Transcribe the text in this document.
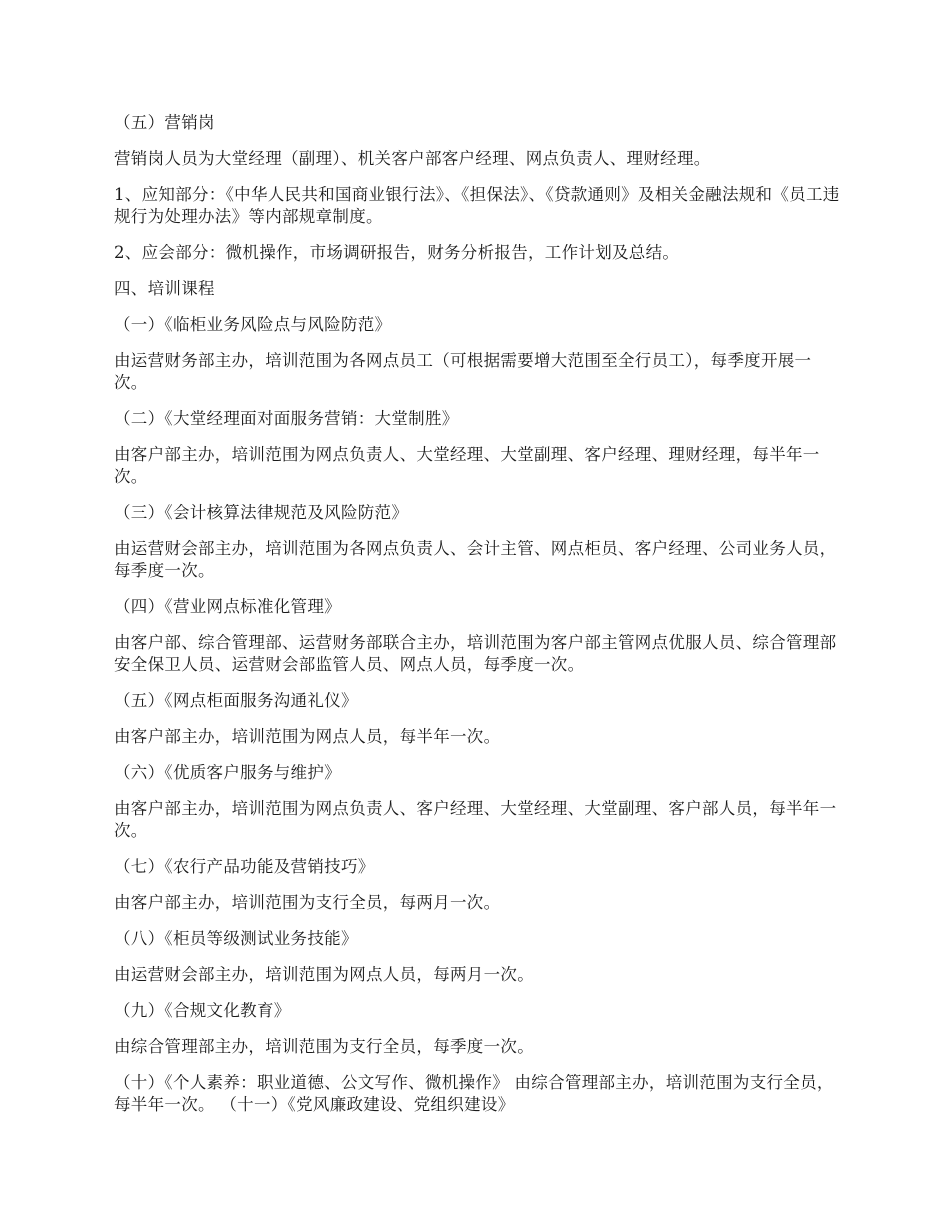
（五）营销岗

营销岗人员为大堂经理（副理）、机关客户部客户经理、网点负责人、理财经理。

1、应知部分：《中华人民共和国商业银行法》、《担保法》、《贷款通则》及相关金融法规和《员工违规行为处理办法》等内部规章制度。

2、应会部分：微机操作，市场调研报告，财务分析报告，工作计划及总结。

四、培训课程

（一）《临柜业务风险点与风险防范》

由运营财务部主办，培训范围为各网点员工（可根据需要增大范围至全行员工），每季度开展一次。

（二）《大堂经理面对面服务营销：大堂制胜》

由客户部主办，培训范围为网点负责人、大堂经理、大堂副理、客户经理、理财经理，每半年一次。

（三）《会计核算法律规范及风险防范》

由运营财会部主办，培训范围为各网点负责人、会计主管、网点柜员、客户经理、公司业务人员，每季度一次。

（四）《营业网点标准化管理》

由客户部、综合管理部、运营财务部联合主办，培训范围为客户部主管网点优服人员、综合管理部安全保卫人员、运营财会部监管人员、网点人员，每季度一次。

（五）《网点柜面服务沟通礼仪》

由客户部主办，培训范围为网点人员，每半年一次。

（六）《优质客户服务与维护》

由客户部主办，培训范围为网点负责人、客户经理、大堂经理、大堂副理、客户部人员，每半年一次。

（七）《农行产品功能及营销技巧》

由客户部主办，培训范围为支行全员，每两月一次。

（八）《柜员等级测试业务技能》

由运营财会部主办，培训范围为网点人员，每两月一次。

（九）《合规文化教育》

由综合管理部主办，培训范围为支行全员，每季度一次。

（十）《个人素养：职业道德、公文写作、微机操作》 由综合管理部主办，培训范围为支行全员，每半年一次。 （十一）《党风廉政建设、党组织建设》
